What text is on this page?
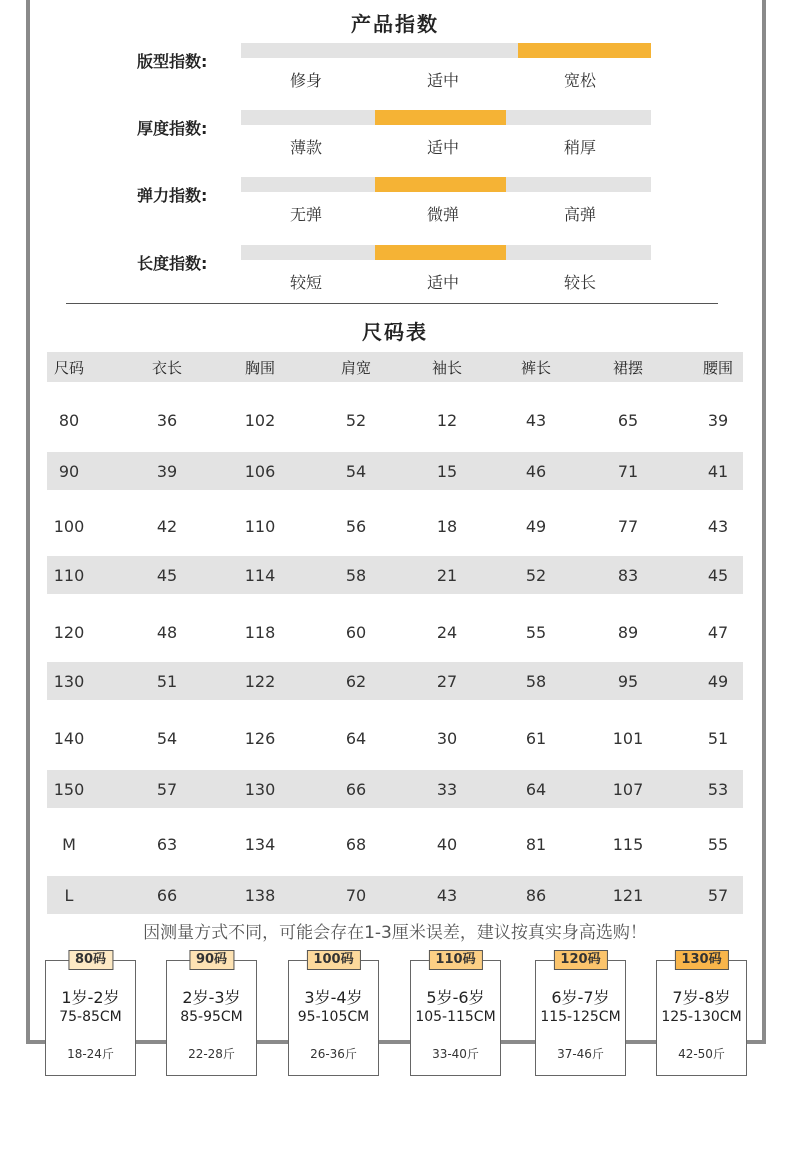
产品指数
版型指数:
修身	适中	宽松
厚度指数:
薄款	适中	稍厚
弹力指数:
无弹	微弹	高弹
长度指数:
较短	适中	较长
尺码表
尺码	衣长	胸围	肩宽	袖长	裤长	裙摆	腰围
80	36	102	52	12	43	65	39
90	39	106	54	15	46	71	41
100	42	110	56	18	49	77	43
110	45	114	58	21	52	83	45
120	48	118	60	24	55	89	47
130	51	122	62	27	58	95	49
140	54	126	64	30	61	101	51
150	57	130	66	33	64	107	53
M	63	134	68	40	81	115	55
L	66	138	70	43	86	121	57
因测量方式不同，可能会存在1-3厘米误差，建议按真实身高选购！
80码
1岁-2岁
75-85CM
18-24斤
90码
2岁-3岁
85-95CM
22-28斤
100码
3岁-4岁
95-105CM
26-36斤
110码
5岁-6岁
105-115CM
33-40斤
120码
6岁-7岁
115-125CM
37-46斤
130码
7岁-8岁
125-130CM
42-50斤
